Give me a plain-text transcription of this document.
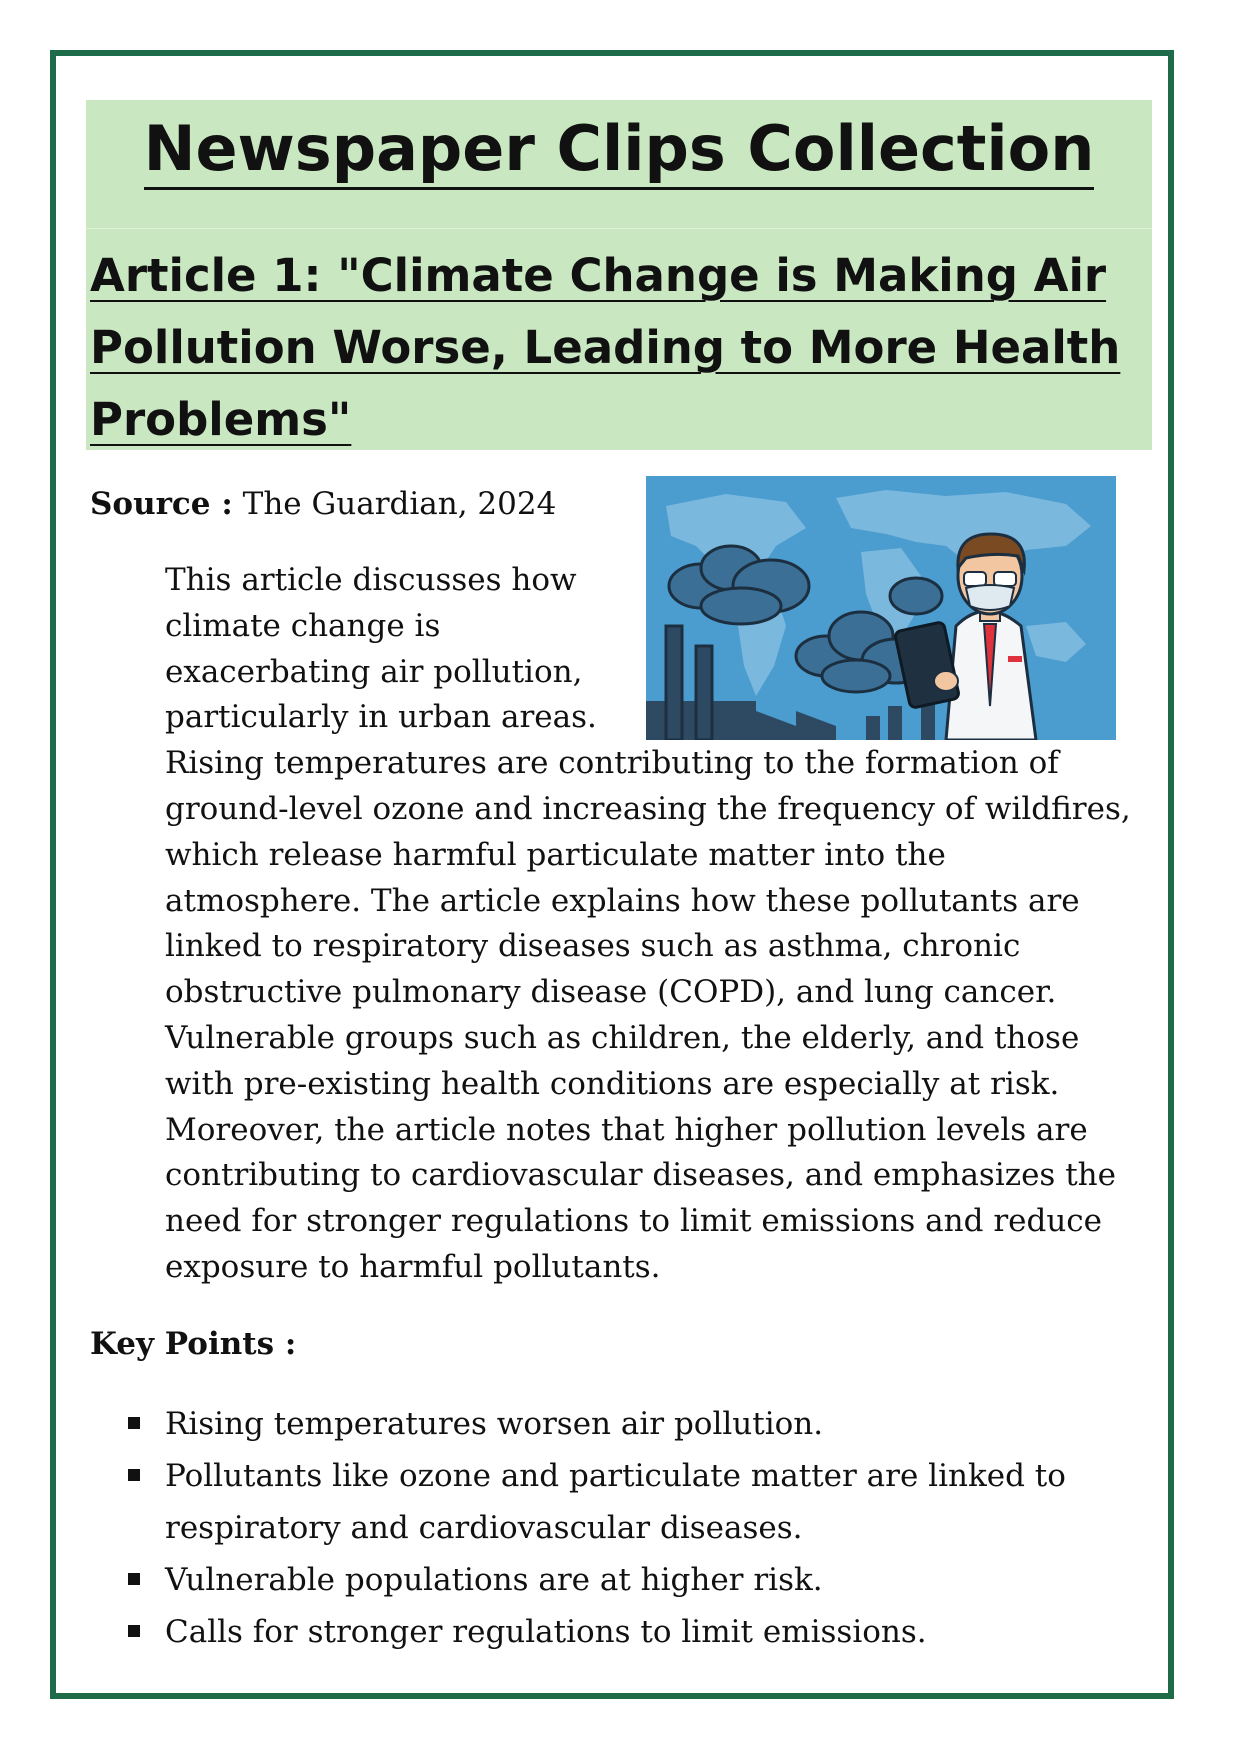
Newspaper Clips Collection
Article 1: "Climate Change is Making Air Pollution Worse, Leading to More Health Problems"

Source : The Guardian, 2024

This article discusses how climate change is exacerbating air pollution, particularly in urban areas. Rising temperatures are contributing to the formation of ground-level ozone and increasing the frequency of wildfires, which release harmful particulate matter into the atmosphere. The article explains how these pollutants are linked to respiratory diseases such as asthma, chronic obstructive pulmonary disease (COPD), and lung cancer. Vulnerable groups such as children, the elderly, and those with pre-existing health conditions are especially at risk. Moreover, the article notes that higher pollution levels are contributing to cardiovascular diseases, and emphasizes the need for stronger regulations to limit emissions and reduce exposure to harmful pollutants.

Key Points :

Rising temperatures worsen air pollution.
Pollutants like ozone and particulate matter are linked to respiratory and cardiovascular diseases.
Vulnerable populations are at higher risk.
Calls for stronger regulations to limit emissions.
